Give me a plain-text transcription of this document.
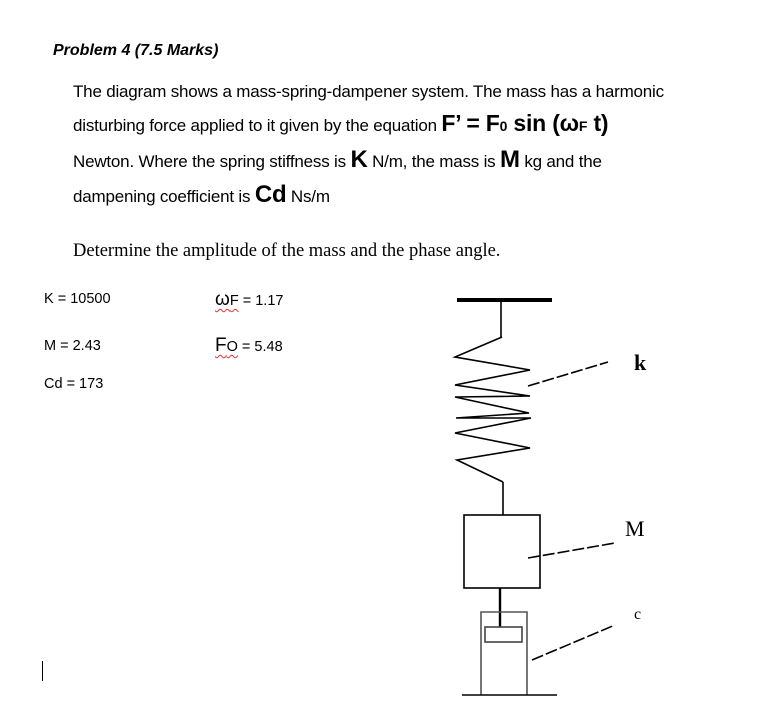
Problem 4 (7.5 Marks)
The diagram shows a mass-spring-dampener system. The mass has a harmonic
disturbing force applied to it given by the equation F’ = F0 sin (ωF t)
Newton. Where the spring stiffness is K N/m, the mass is M kg and the
dampening coefficient is Cd Ns/m
Determine the amplitude of the mass and the phase angle.
K = 10500
M = 2.43
Cd = 173
ωF = 1.17
FO = 5.48
k
M
c
